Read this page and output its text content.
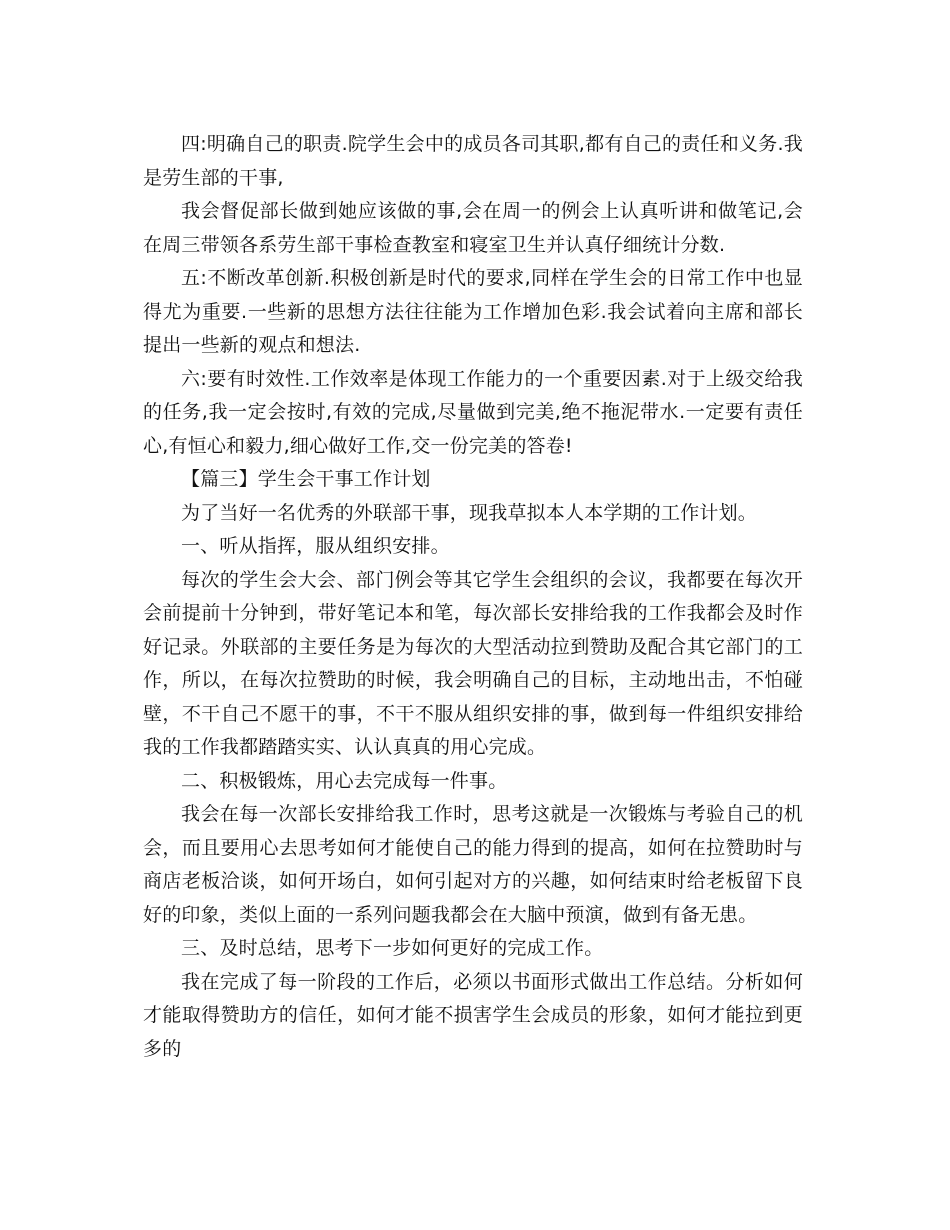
四:明确自己的职责.院学生会中的成员各司其职,都有自己的责任和义务.我是劳生部的干事,

我会督促部长做到她应该做的事,会在周一的例会上认真听讲和做笔记,会在周三带领各系劳生部干事检查教室和寝室卫生并认真仔细统计分数.

五:不断改革创新.积极创新是时代的要求,同样在学生会的日常工作中也显得尤为重要.一些新的思想方法往往能为工作增加色彩.我会试着向主席和部长提出一些新的观点和想法.

六:要有时效性.工作效率是体现工作能力的一个重要因素.对于上级交给我的任务,我一定会按时,有效的完成,尽量做到完美,绝不拖泥带水.一定要有责任心,有恒心和毅力,细心做好工作,交一份完美的答卷!

【篇三】学生会干事工作计划

为了当好一名优秀的外联部干事，现我草拟本人本学期的工作计划。

一、听从指挥，服从组织安排。

每次的学生会大会、部门例会等其它学生会组织的会议，我都要在每次开会前提前十分钟到，带好笔记本和笔，每次部长安排给我的工作我都会及时作好记录。外联部的主要任务是为每次的大型活动拉到赞助及配合其它部门的工作，所以，在每次拉赞助的时候，我会明确自己的目标，主动地出击，不怕碰壁，不干自己不愿干的事，不干不服从组织安排的事，做到每一件组织安排给我的工作我都踏踏实实、认认真真的用心完成。

二、积极锻炼，用心去完成每一件事。

我会在每一次部长安排给我工作时，思考这就是一次锻炼与考验自己的机会，而且要用心去思考如何才能使自己的能力得到的提高，如何在拉赞助时与商店老板洽谈，如何开场白，如何引起对方的兴趣，如何结束时给老板留下良好的印象，类似上面的一系列问题我都会在大脑中预演，做到有备无患。

三、及时总结，思考下一步如何更好的完成工作。

我在完成了每一阶段的工作后，必须以书面形式做出工作总结。分析如何才能取得赞助方的信任，如何才能不损害学生会成员的形象，如何才能拉到更多的
